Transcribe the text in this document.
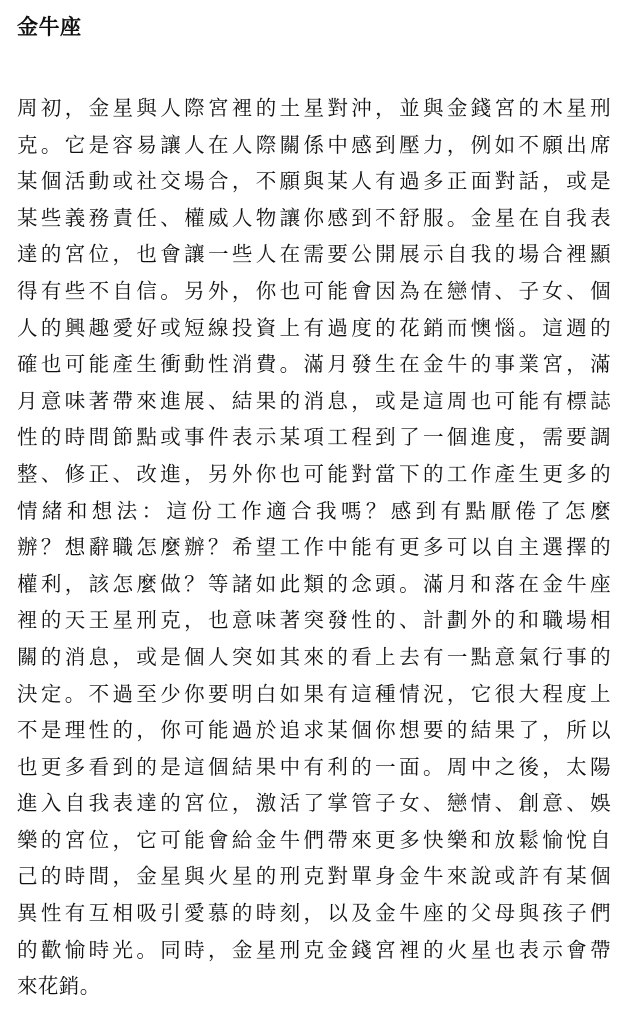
金牛座
周初，金星與人際宮裡的土星對沖，並與金錢宮的木星刑
克。它是容易讓人在人際關係中感到壓力，例如不願出席
某個活動或社交場合，不願與某人有過多正面對話，或是
某些義務責任、權威人物讓你感到不舒服。金星在自我表
達的宮位，也會讓一些人在需要公開展示自我的場合裡顯
得有些不自信。另外，你也可能會因為在戀情、子女、個
人的興趣愛好或短線投資上有過度的花銷而懊惱。這週的
確也可能產生衝動性消費。滿月發生在金牛的事業宮，滿
月意味著帶來進展、結果的消息，或是這周也可能有標誌
性的時間節點或事件表示某項工程到了一個進度，需要調
整、修正、改進，另外你也可能對當下的工作產生更多的
情緒和想法：這份工作適合我嗎？感到有點厭倦了怎麼
辦？想辭職怎麼辦？希望工作中能有更多可以自主選擇的
權利，該怎麼做？等諸如此類的念頭。滿月和落在金牛座
裡的天王星刑克，也意味著突發性的、計劃外的和職場相
關的消息，或是個人突如其來的看上去有一點意氣行事的
決定。不過至少你要明白如果有這種情況，它很大程度上
不是理性的，你可能過於追求某個你想要的結果了，所以
也更多看到的是這個結果中有利的一面。周中之後，太陽
進入自我表達的宮位，激活了掌管子女、戀情、創意、娛
樂的宮位，它可能會給金牛們帶來更多快樂和放鬆愉悅自
己的時間，金星與火星的刑克對單身金牛來說或許有某個
異性有互相吸引愛慕的時刻，以及金牛座的父母與孩子們
的歡愉時光。同時，金星刑克金錢宮裡的火星也表示會帶
來花銷。
